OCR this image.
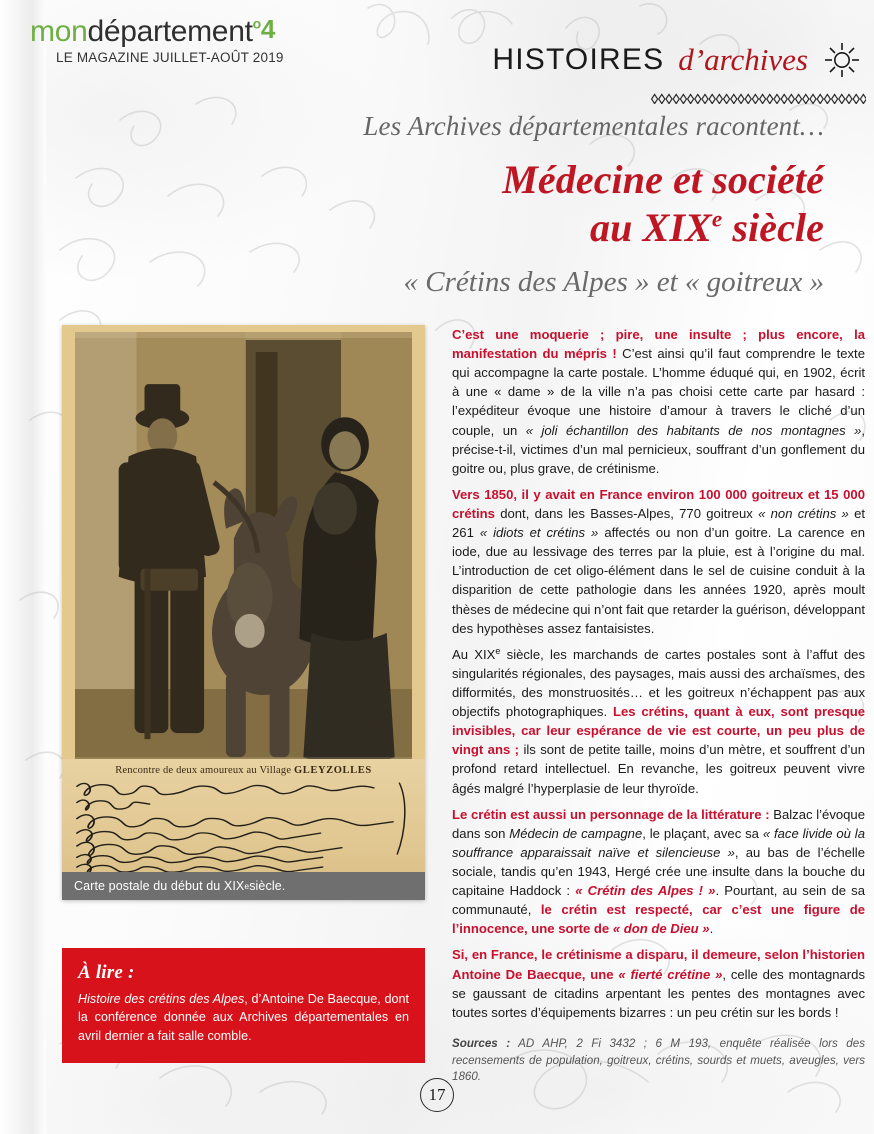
mondépartement$^o$4
LE MAGAZINE JUILLET-AOÛT 2019	HISTOIRES d’archives
Les Archives départementales racontent…
Médecine et société
au XIXe siècle
« Crétins des Alpes » et « goitreux »
Rencontre de deux amoureux au Village GLEYZOLLES
Carte postale du début du XIX e siècle.
À lire :
Histoire des crétins des Alpes, d’Antoine De Baecque, dont la conférence donnée aux Archives départementales en avril dernier a fait salle comble.

C’est une moquerie ; pire, une insulte ; plus encore, la manifestation du mépris ! C’est ainsi qu’il faut comprendre le texte qui accompagne la carte postale. L’homme éduqué qui, en 1902, écrit à une « dame » de la ville n’a pas choisi cette carte par hasard : l’expéditeur évoque une histoire d’amour à travers le cliché d’un couple, un « joli échantillon des habitants de nos montagnes », précise-t-il, victimes d’un mal pernicieux, souffrant d’un gonflement du goitre ou, plus grave, de crétinisme.

Vers 1850, il y avait en France environ 100 000 goitreux et 15 000 crétins dont, dans les Basses-Alpes, 770 goitreux « non crétins » et 261 « idiots et crétins » affectés ou non d’un goitre. La carence en iode, due au lessivage des terres par la pluie, est à l’origine du mal. L’introduction de cet oligo-élément dans le sel de cuisine conduit à la disparition de cette pathologie dans les années 1920, après moult thèses de médecine qui n’ont fait que retarder la guérison, développant des hypothèses assez fantaisistes.

Au XIXe siècle, les marchands de cartes postales sont à l’affut des singularités régionales, des paysages, mais aussi des archaïsmes, des difformités, des monstruosités… et les goitreux n’échappent pas aux objectifs photographiques. Les crétins, quant à eux, sont presque invisibles, car leur espérance de vie est courte, un peu plus de vingt ans ; ils sont de petite taille, moins d’un mètre, et souffrent d’un profond retard intellectuel. En revanche, les goitreux peuvent vivre âgés malgré l’hyperplasie de leur thyroïde.

Le crétin est aussi un personnage de la littérature : Balzac l’évoque dans son Médecin de campagne, le plaçant, avec sa « face livide où la souffrance apparaissait naïve et silencieuse », au bas de l’échelle sociale, tandis qu’en 1943, Hergé crée une insulte dans la bouche du capitaine Haddock : « Crétin des Alpes ! ». Pourtant, au sein de sa communauté, le crétin est respecté, car c’est une figure de l’innocence, une sorte de « don de Dieu ».

Si, en France, le crétinisme a disparu, il demeure, selon l’historien Antoine De Baecque, une « fierté crétine », celle des montagnards se gaussant de citadins arpentant les pentes des montagnes avec toutes sortes d’équipements bizarres : un peu crétin sur les bords !

Sources : AD AHP, 2 Fi 3432 ; 6 M 193, enquête réalisée lors des recensements de population, goitreux, crétins, sourds et muets, aveugles, vers 1860.
17
